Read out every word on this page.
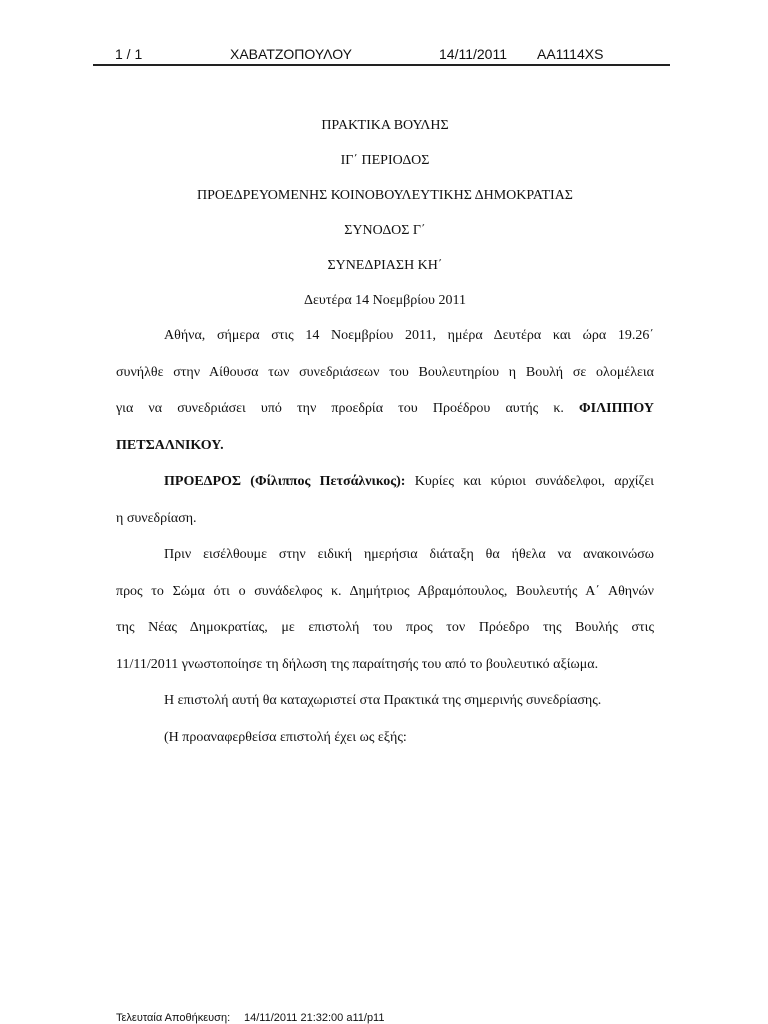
1 / 1	ΧΑΒΑΤΖΟΠΟΥΛΟΥ	14/11/2011 ΑΑ1114XS
ΠΡΑΚΤΙΚΑ ΒΟΥΛΗΣ
ΙΓ΄ ΠΕΡΙΟΔΟΣ
ΠΡΟΕΔΡΕΥΟΜΕΝΗΣ ΚΟΙΝΟΒΟΥΛΕΥΤΙΚΗΣ ΔΗΜΟΚΡΑΤΙΑΣ
ΣΥΝΟΔΟΣ Γ΄
ΣΥΝΕΔΡΙΑΣΗ ΚΗ΄
Δευτέρα 14 Νοεμβρίου 2011
Αθήνα, σήμερα στις 14 Νοεμβρίου 2011, ημέρα Δευτέρα και ώρα 19.26΄
συνήλθε στην Αίθουσα των συνεδριάσεων του Βουλευτηρίου η Βουλή σε ολομέλεια
για να συνεδριάσει υπό την προεδρία του Προέδρου αυτής κ. ΦΙΛΙΠΠΟΥ
ΠΕΤΣΑΛΝΙΚΟΥ.
ΠΡΟΕΔΡΟΣ (Φίλιππος Πετσάλνικος): Κυρίες και κύριοι συνάδελφοι, αρχίζει
η συνεδρίαση.
Πριν εισέλθουμε στην ειδική ημερήσια διάταξη θα ήθελα να ανακοινώσω
προς το Σώμα ότι ο συνάδελφος κ. Δημήτριος Αβραμόπουλος, Βουλευτής Α΄ Αθηνών
της Νέας Δημοκρατίας, με επιστολή του προς τον Πρόεδρο της Βουλής στις
11/11/2011 γνωστοποίησε τη δήλωση της παραίτησής του από το βουλευτικό αξίωμα.
Η επιστολή αυτή θα καταχωριστεί στα Πρακτικά της σημερινής συνεδρίασης.
(Η προαναφερθείσα επιστολή έχει ως εξής:
Τελευταία Αποθήκευση: 14/11/2011 21:32:00 a11/p11
